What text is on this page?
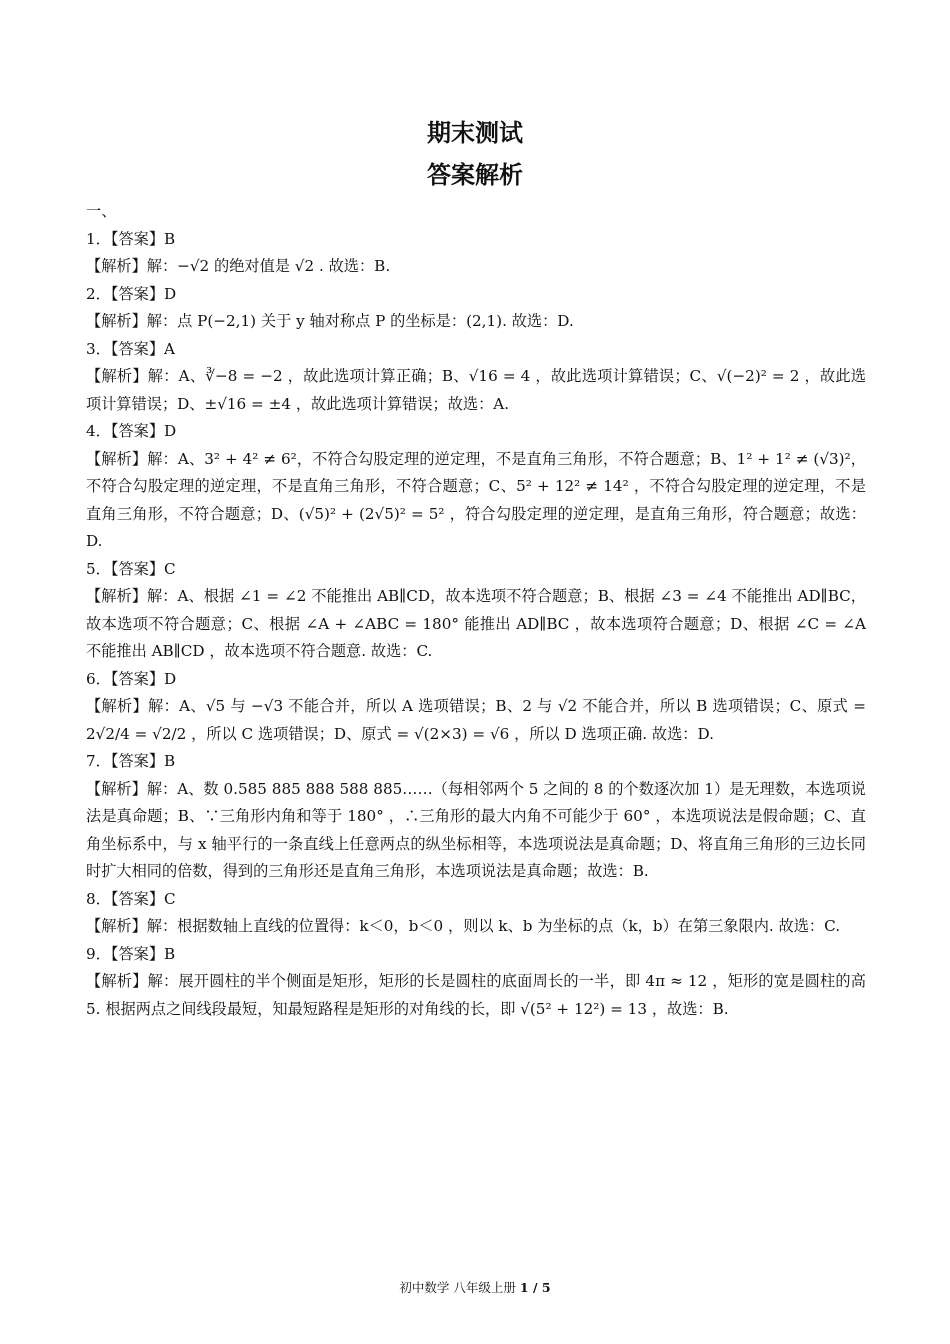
期末测试
答案解析

一、

1．【答案】B

【解析】解：−√2 的绝对值是 √2 . 故选：B.

2．【答案】D

【解析】解：点 P(−2,1) 关于 y 轴对称点 P 的坐标是：(2,1). 故选：D.

3．【答案】A

【解析】解：A、∛−8 = −2 ，故此选项计算正确；B、√16 = 4 ，故此选项计算错误；C、√(−2)² = 2 ，故此选项计算错误；D、±√16 = ±4 ，故此选项计算错误；故选：A.

4．【答案】D

【解析】解：A、3² + 4² ≠ 6²，不符合勾股定理的逆定理，不是直角三角形，不符合题意；B、1² + 1² ≠ (√3)²，不符合勾股定理的逆定理，不是直角三角形，不符合题意；C、5² + 12² ≠ 14² ，不符合勾股定理的逆定理，不是直角三角形，不符合题意；D、(√5)² + (2√5)² = 5² ，符合勾股定理的逆定理，是直角三角形，符合题意；故选：D.

5．【答案】C

【解析】解：A、根据 ∠1 = ∠2 不能推出 AB∥CD，故本选项不符合题意；B、根据 ∠3 = ∠4 不能推出 AD∥BC，故本选项不符合题意；C、根据 ∠A + ∠ABC = 180° 能推出 AD∥BC ，故本选项符合题意；D、根据 ∠C = ∠A 不能推出 AB∥CD ，故本选项不符合题意. 故选：C.

6．【答案】D

【解析】解：A、√5 与 −√3 不能合并，所以 A 选项错误；B、2 与 √2 不能合并，所以 B 选项错误；C、原式 = 2√2/4 = √2/2 ，所以 C 选项错误；D、原式 = √(2×3) = √6 ，所以 D 选项正确. 故选：D.

7．【答案】B

【解析】解：A、数 0.585 885 888 588 885……（每相邻两个 5 之间的 8 的个数逐次加 1）是无理数，本选项说法是真命题；B、∵三角形内角和等于 180° ，∴三角形的最大内角不可能少于 60° ，本选项说法是假命题；C、直角坐标系中，与 x 轴平行的一条直线上任意两点的纵坐标相等，本选项说法是真命题；D、将直角三角形的三边长同时扩大相同的倍数，得到的三角形还是直角三角形，本选项说法是真命题；故选：B.

8．【答案】C

【解析】解：根据数轴上直线的位置得：k＜0，b＜0 ，则以 k、b 为坐标的点（k，b）在第三象限内. 故选：C.

9．【答案】B

【解析】解：展开圆柱的半个侧面是矩形，矩形的长是圆柱的底面周长的一半，即 4π ≈ 12 ，矩形的宽是圆柱的高 5. 根据两点之间线段最短，知最短路程是矩形的对角线的长，即 √(5² + 12²) = 13 ，故选：B.

初中数学 八年级上册 1 / 5
